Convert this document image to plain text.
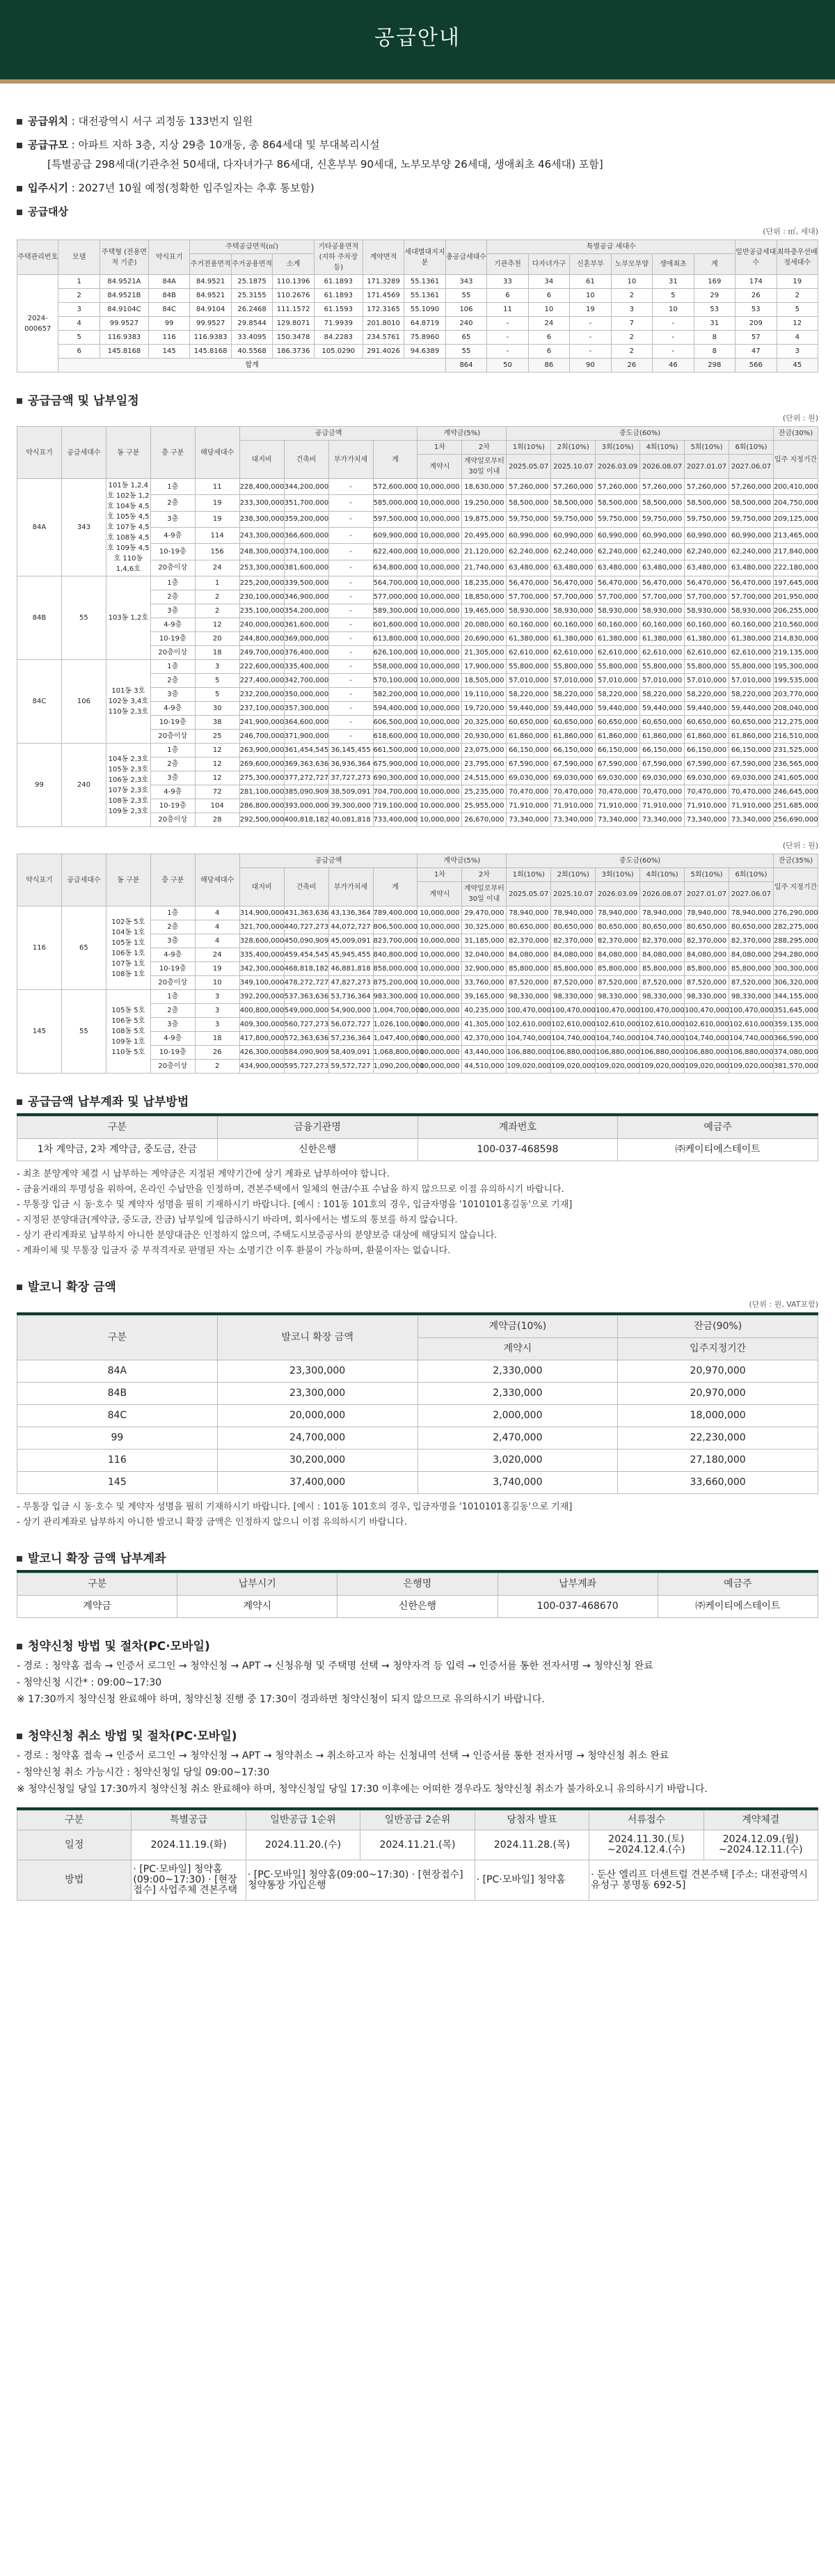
공급안내
공급위치 : 대전광역시 서구 괴정동 133번지 일원
공급규모 : 아파트 지하 3층, 지상 29층 10개동, 총 864세대 및 부대복리시설
[특별공급 298세대(기관추천 50세대, 다자녀가구 86세대, 신혼부부 90세대, 노부모부양 26세대, 생애최초 46세대) 포함]
입주시기 : 2027년 10월 예정(정확한 입주일자는 추후 통보함)
공급대상
(단위 : ㎡, 세대)
주택관리번호	모델	주택형 (전용면적 기준)	약식표기	주택공급면적(㎡)			기타공용면적 (지하 주차장 등)	계약면적	세대별대지지분	총공급세대수	특별공급 세대수						일반공급세대수	최하층우선배정세대수
				주거전용면적	주거공용면적	소계					기관추천	다자녀가구	신혼부부	노부모부양	생애최초	계		

2024-000657	1	84.9521A	84A	84.9521	25.1875	110.1396	61.1893	171.3289	55.1361	343	33	34	61	10	31	169	174	19
	2	84.9521B	84B	84.9521	25.3155	110.2676	61.1893	171.4569	55.1361	55	6	6	10	2	5	29	26	2
	3	84.9104C	84C	84.9104	26.2468	111.1572	61.1593	172.3165	55.1090	106	11	10	19	3	10	53	53	5
	4	99.9527	99	99.9527	29.8544	129.8071	71.9939	201.8010	64.8719	240	-	24	-	7	-	31	209	12
	5	116.9383	116	116.9383	33.4095	150.3478	84.2283	234.5761	75.8960	65	-	6	-	2	-	8	57	4
	6	145.8168	145	145.8168	40.5568	186.3736	105.0290	291.4026	94.6389	55	-	6	-	2	-	8	47	3
	합계									864	50	86	90	26	46	298	566	45
공급금액 및 납부일정
(단위 : 원)
약식표기	공급세대수	동 구분	층 구분	해당세대수	공급금액				계약금(5%)		중도금(60%)						잔금(30%)
					대지비	건축비	부가가치세	계	1차	2차	1회(10%)	2회(10%)	3회(10%)	4회(10%)	5회(10%)	6회(10%)	입주 지정기간
									계약시	계약일로부터 30일 이내	2025.05.07	2025.10.07	2026.03.09	2026.08.07	2027.01.07	2027.06.07	
84A	343	101동 1,2,4호 102동 1,2호 104동 4,5호 105동 4,5호 107동 4,5호 108동 4,5호 109동 4,5호 110동 1,4,6호	1층	11	228,400,000	344,200,000	-	572,600,000	10,000,000	18,630,000	57,260,000	57,260,000	57,260,000	57,260,000	57,260,000	57,260,000	200,410,000
			2층	19	233,300,000	351,700,000	-	585,000,000	10,000,000	19,250,000	58,500,000	58,500,000	58,500,000	58,500,000	58,500,000	58,500,000	204,750,000
			3층	19	238,300,000	359,200,000	-	597,500,000	10,000,000	19,875,000	59,750,000	59,750,000	59,750,000	59,750,000	59,750,000	59,750,000	209,125,000
			4-9층	114	243,300,000	366,600,000	-	609,900,000	10,000,000	20,495,000	60,990,000	60,990,000	60,990,000	60,990,000	60,990,000	60,990,000	213,465,000
			10-19층	156	248,300,000	374,100,000	-	622,400,000	10,000,000	21,120,000	62,240,000	62,240,000	62,240,000	62,240,000	62,240,000	62,240,000	217,840,000
			20층이상	24	253,300,000	381,600,000	-	634,800,000	10,000,000	21,740,000	63,480,000	63,480,000	63,480,000	63,480,000	63,480,000	63,480,000	222,180,000
84B	55	103동 1,2호	1층	1	225,200,000	339,500,000	-	564,700,000	10,000,000	18,235,000	56,470,000	56,470,000	56,470,000	56,470,000	56,470,000	56,470,000	197,645,000
			2층	2	230,100,000	346,900,000	-	577,000,000	10,000,000	18,850,000	57,700,000	57,700,000	57,700,000	57,700,000	57,700,000	57,700,000	201,950,000
			3층	2	235,100,000	354,200,000	-	589,300,000	10,000,000	19,465,000	58,930,000	58,930,000	58,930,000	58,930,000	58,930,000	58,930,000	206,255,000
			4-9층	12	240,000,000	361,600,000	-	601,600,000	10,000,000	20,080,000	60,160,000	60,160,000	60,160,000	60,160,000	60,160,000	60,160,000	210,560,000
			10-19층	20	244,800,000	369,000,000	-	613,800,000	10,000,000	20,690,000	61,380,000	61,380,000	61,380,000	61,380,000	61,380,000	61,380,000	214,830,000
			20층이상	18	249,700,000	376,400,000	-	626,100,000	10,000,000	21,305,000	62,610,000	62,610,000	62,610,000	62,610,000	62,610,000	62,610,000	219,135,000
84C	106	101동 3호 102동 3,4호 110동 2,3호	1층	3	222,600,000	335,400,000	-	558,000,000	10,000,000	17,900,000	55,800,000	55,800,000	55,800,000	55,800,000	55,800,000	55,800,000	195,300,000
			2층	5	227,400,000	342,700,000	-	570,100,000	10,000,000	18,505,000	57,010,000	57,010,000	57,010,000	57,010,000	57,010,000	57,010,000	199,535,000
			3층	5	232,200,000	350,000,000	-	582,200,000	10,000,000	19,110,000	58,220,000	58,220,000	58,220,000	58,220,000	58,220,000	58,220,000	203,770,000
			4-9층	30	237,100,000	357,300,000	-	594,400,000	10,000,000	19,720,000	59,440,000	59,440,000	59,440,000	59,440,000	59,440,000	59,440,000	208,040,000
			10-19층	38	241,900,000	364,600,000	-	606,500,000	10,000,000	20,325,000	60,650,000	60,650,000	60,650,000	60,650,000	60,650,000	60,650,000	212,275,000
			20층이상	25	246,700,000	371,900,000	-	618,600,000	10,000,000	20,930,000	61,860,000	61,860,000	61,860,000	61,860,000	61,860,000	61,860,000	216,510,000
99	240	104동 2,3호 105동 2,3호 106동 2,3호 107동 2,3호 108동 2,3호 109동 2,3호	1층	12	263,900,000	361,454,545	36,145,455	661,500,000	10,000,000	23,075,000	66,150,000	66,150,000	66,150,000	66,150,000	66,150,000	66,150,000	231,525,000
			2층	12	269,600,000	369,363,636	36,936,364	675,900,000	10,000,000	23,795,000	67,590,000	67,590,000	67,590,000	67,590,000	67,590,000	67,590,000	236,565,000
			3층	12	275,300,000	377,272,727	37,727,273	690,300,000	10,000,000	24,515,000	69,030,000	69,030,000	69,030,000	69,030,000	69,030,000	69,030,000	241,605,000
			4-9층	72	281,100,000	385,090,909	38,509,091	704,700,000	10,000,000	25,235,000	70,470,000	70,470,000	70,470,000	70,470,000	70,470,000	70,470,000	246,645,000
			10-19층	104	286,800,000	393,000,000	39,300,000	719,100,000	10,000,000	25,955,000	71,910,000	71,910,000	71,910,000	71,910,000	71,910,000	71,910,000	251,685,000
			20층이상	28	292,500,000	400,818,182	40,081,818	733,400,000	10,000,000	26,670,000	73,340,000	73,340,000	73,340,000	73,340,000	73,340,000	73,340,000	256,690,000
(단위 : 원)
약식표기	공급세대수	동 구분	층 구분	해당세대수	공급금액				계약금(5%)		중도금(60%)						잔금(35%)
					대지비	건축비	부가가치세	계	1차	2차	1회(10%)	2회(10%)	3회(10%)	4회(10%)	5회(10%)	6회(10%)	입주 지정기간
									계약시	계약일로부터 30일 이내	2025.05.07	2025.10.07	2026.03.09	2026.08.07	2027.01.07	2027.06.07	
116	65	102동 5호 104동 1호 105동 1호 106동 1호 107동 1호 108동 1호	1층	4	314,900,000	431,363,636	43,136,364	789,400,000	10,000,000	29,470,000	78,940,000	78,940,000	78,940,000	78,940,000	78,940,000	78,940,000	276,290,000
			2층	4	321,700,000	440,727,273	44,072,727	806,500,000	10,000,000	30,325,000	80,650,000	80,650,000	80,650,000	80,650,000	80,650,000	80,650,000	282,275,000
			3층	4	328,600,000	450,090,909	45,009,091	823,700,000	10,000,000	31,185,000	82,370,000	82,370,000	82,370,000	82,370,000	82,370,000	82,370,000	288,295,000
			4-9층	24	335,400,000	459,454,545	45,945,455	840,800,000	10,000,000	32,040,000	84,080,000	84,080,000	84,080,000	84,080,000	84,080,000	84,080,000	294,280,000
			10-19층	19	342,300,000	468,818,182	46,881,818	858,000,000	10,000,000	32,900,000	85,800,000	85,800,000	85,800,000	85,800,000	85,800,000	85,800,000	300,300,000
			20층이상	10	349,100,000	478,272,727	47,827,273	875,200,000	10,000,000	33,760,000	87,520,000	87,520,000	87,520,000	87,520,000	87,520,000	87,520,000	306,320,000
145	55	105동 5호 106동 5호 108동 5호 109동 1호 110동 5호	1층	3	392,200,000	537,363,636	53,736,364	983,300,000	10,000,000	39,165,000	98,330,000	98,330,000	98,330,000	98,330,000	98,330,000	98,330,000	344,155,000
			2층	3	400,800,000	549,000,000	54,900,000	1,004,700,000	10,000,000	40,235,000	100,470,000	100,470,000	100,470,000	100,470,000	100,470,000	100,470,000	351,645,000
			3층	3	409,300,000	560,727,273	56,072,727	1,026,100,000	10,000,000	41,305,000	102,610,000	102,610,000	102,610,000	102,610,000	102,610,000	102,610,000	359,135,000
			4-9층	18	417,800,000	572,363,636	57,236,364	1,047,400,000	10,000,000	42,370,000	104,740,000	104,740,000	104,740,000	104,740,000	104,740,000	104,740,000	366,590,000
			10-19층	26	426,300,000	584,090,909	58,409,091	1,068,800,000	10,000,000	43,440,000	106,880,000	106,880,000	106,880,000	106,880,000	106,880,000	106,880,000	374,080,000
			20층이상	2	434,900,000	595,727,273	59,572,727	1,090,200,000	10,000,000	44,510,000	109,020,000	109,020,000	109,020,000	109,020,000	109,020,000	109,020,000	381,570,000
공급금액 납부계좌 및 납부방법
구분	금융기관명	계좌번호	예금주
1차 계약금, 2차 계약금, 중도금, 잔금	신한은행	100-037-468598	㈜케이티에스테이트
- 최초 분양계약 체결 시 납부하는 계약금은 지정된 계약기간에 상기 계좌로 납부하여야 합니다.
- 금융거래의 투명성을 위하여, 온라인 수납만을 인정하며, 견본주택에서 일체의 현금/수표 수납을 하지 않으므로 이점 유의하시기 바랍니다.
- 무통장 입금 시 동·호수 및 계약자 성명을 필히 기재하시기 바랍니다. [예시 : 101동 101호의 경우, 입금자명을 '1010101홍길동'으로 기재]
- 지정된 분양대금(계약금, 중도금, 잔금) 납부일에 입금하시기 바라며, 회사에서는 별도의 통보를 하지 않습니다.
- 상기 관리계좌로 납부하지 아니한 분양대금은 인정하지 않으며, 주택도시보증공사의 분양보증 대상에 해당되지 않습니다.
- 계좌이체 및 무통장 입금자 중 부적격자로 판명된 자는 소명기간 이후 환불이 가능하며, 환불이자는 없습니다.
발코니 확장 금액
(단위 : 원, VAT포함)
구분	발코니 확장 금액	계약금(10%)	잔금(90%)
		계약시	입주지정기간
84A	23,300,000	2,330,000	20,970,000
84B	23,300,000	2,330,000	20,970,000
84C	20,000,000	2,000,000	18,000,000
99	24,700,000	2,470,000	22,230,000
116	30,200,000	3,020,000	27,180,000
145	37,400,000	3,740,000	33,660,000
- 무통장 입금 시 동·호수 및 계약자 성명을 필히 기재하시기 바랍니다. [예시 : 101동 101호의 경우, 입금자명을 '1010101홍길동'으로 기재]
- 상기 관리계좌로 납부하지 아니한 발코니 확장 금액은 인정하지 않으니 이점 유의하시기 바랍니다.
발코니 확장 금액 납부계좌
구분	납부시기	은행명	납부계좌	예금주
계약금	계약시	신한은행	100-037-468670	㈜케이티에스테이트
청약신청 방법 및 절차(PC·모바일)
- 경로 : 청약홈 접속 → 인증서 로그인 → 청약신청 → APT → 신청유형 및 주택명 선택 → 청약자격 등 입력 → 인증서를 통한 전자서명 → 청약신청 완료
- 청약신청 시간* : 09:00~17:30
※ 17:30까지 청약신청 완료해야 하며, 청약신청 진행 중 17:30이 경과하면 청약신청이 되지 않으므로 유의하시기 바랍니다.
청약신청 취소 방법 및 절차(PC·모바일)
- 경로 : 청약홈 접속 → 인증서 로그인 → 청약신청 → APT → 청약취소 → 취소하고자 하는 신청내역 선택 → 인증서를 통한 전자서명 → 청약신청 취소 완료
- 청약신청 취소 가능시간 : 청약신청일 당일 09:00~17:30
※ 청약신청일 당일 17:30까지 청약신청 취소 완료해야 하며, 청약신청일 당일 17:30 이후에는 어떠한 경우라도 청약신청 취소가 불가하오니 유의하시기 바랍니다.
구분	특별공급	일반공급 1순위	일반공급 2순위	당첨자 발표	서류접수	계약체결
일정	2024.11.19.(화)	2024.11.20.(수)	2024.11.21.(목)	2024.11.28.(목)	2024.11.30.(토) ~2024.12.4.(수)	2024.12.09.(월) ~2024.12.11.(수)
방법	· [PC·모바일] 청약홈(09:00~17:30) · [현장접수] 사업주체 견본주택	· [PC·모바일] 청약홈(09:00~17:30) · [현장접수] 청약통장 가입은행		· [PC·모바일] 청약홈	· 둔산 엘리프 더센트럴 견본주택 [주소: 대전광역시 유성구 봉명동 692-5]	
